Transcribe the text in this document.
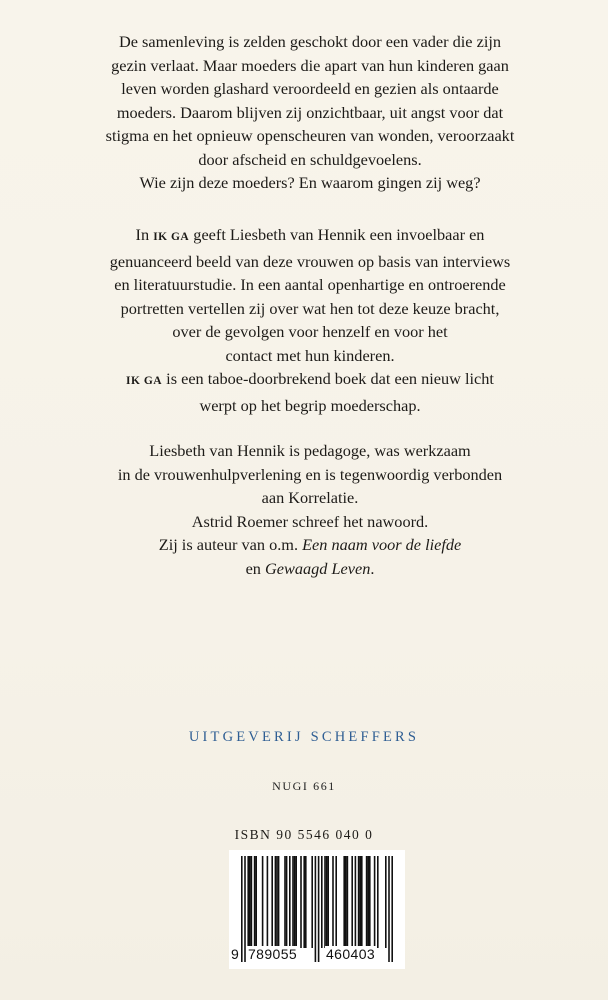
De samenleving is zelden geschokt door een vader die zijn
gezin verlaat. Maar moeders die apart van hun kinderen gaan
leven worden glashard veroordeeld en gezien als ontaarde
moeders. Daarom blijven zij onzichtbaar, uit angst voor dat
stigma en het opnieuw openscheuren van wonden, veroorzaakt
door afscheid en schuldgevoelens.
Wie zijn deze moeders? En waarom gingen zij weg?
In IK GA geeft Liesbeth van Hennik een invoelbaar en
genuanceerd beeld van deze vrouwen op basis van interviews
en literatuurstudie. In een aantal openhartige en ontroerende
portretten vertellen zij over wat hen tot deze keuze bracht,
over de gevolgen voor henzelf en voor het
contact met hun kinderen.
IK GA is een taboe-doorbrekend boek dat een nieuw licht
werpt op het begrip moederschap.
Liesbeth van Hennik is pedagoge, was werkzaam
in de vrouwenhulpverlening en is tegenwoordig verbonden
aan Korrelatie.
Astrid Roemer schreef het nawoord.
Zij is auteur van o.m. Een naam voor de liefde
en Gewaagd Leven.
UITGEVERIJ SCHEFFERS
NUGI 661
ISBN 90 5546 040 0
9 789055 460403
